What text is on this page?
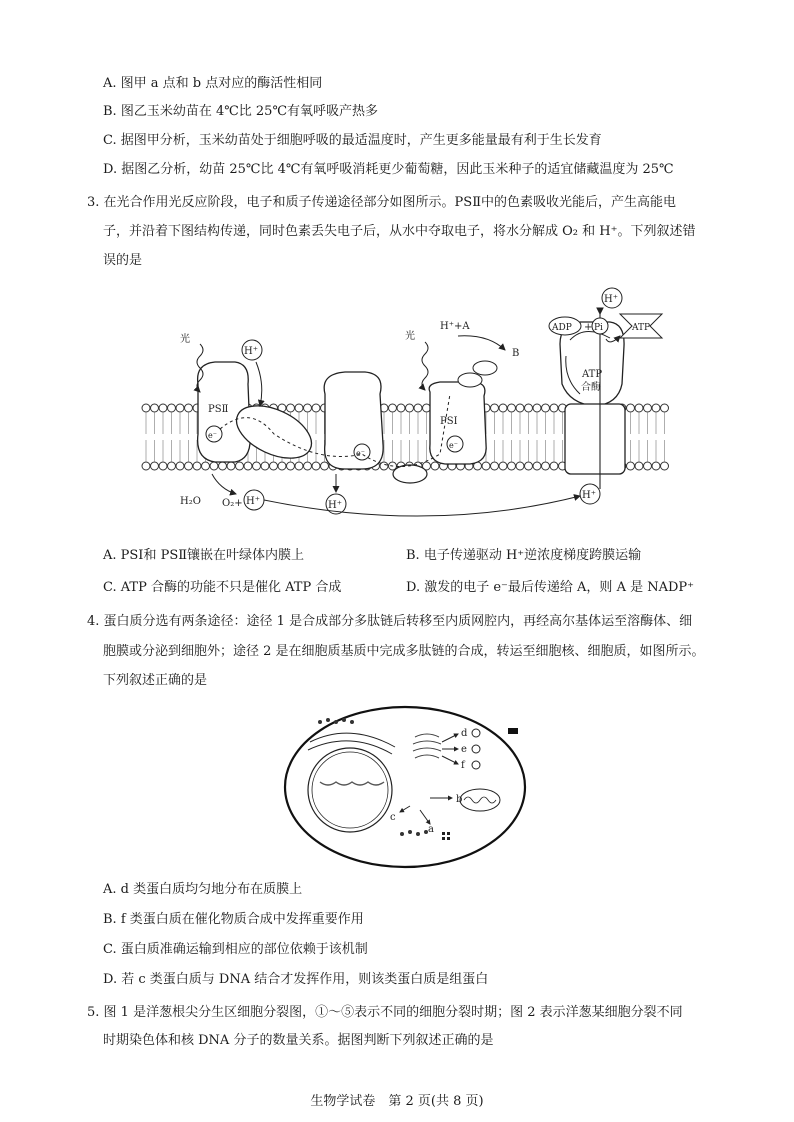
A. 图甲 a 点和 b 点对应的酶活性相同
B. 图乙玉米幼苗在 4℃比 25℃有氧呼吸产热多
C. 据图甲分析，玉米幼苗处于细胞呼吸的最适温度时，产生更多能量最有利于生长发育
D. 据图乙分析，幼苗 25℃比 4℃有氧呼吸消耗更少葡萄糖，因此玉米种子的适宜储藏温度为 25℃
3. 在光合作用光反应阶段，电子和质子传递途径部分如图所示。PSⅡ中的色素吸收光能后，产生高能电
子，并沿着下图结构传递，同时色素丢失电子后，从水中夺取电子，将水分解成 O₂ 和 H⁺。下列叙述错
误的是
PSⅡ
e⁻
e⁻
PSⅠ
e⁻
ATP
合酶
光	光
H⁺
H⁺+A
B
ADP + Pi	ATP
H⁺
H₂O O₂+ H⁺	H⁺
H⁺
A. PSⅠ和 PSⅡ镶嵌在叶绿体内膜上	B. 电子传递驱动 H⁺逆浓度梯度跨膜运输
C. ATP 合酶的功能不只是催化 ATP 合成	D. 激发的电子 e⁻最后传递给 A，则 A 是 NADP⁺
4. 蛋白质分选有两条途径：途径 1 是合成部分多肽链后转移至内质网腔内，再经高尔基体运至溶酶体、细
胞膜或分泌到细胞外；途径 2 是在细胞质基质中完成多肽链的合成，转运至细胞核、细胞质，如图所示。
下列叙述正确的是
d
e
f
b
c
a
A. d 类蛋白质均匀地分布在质膜上
B. f 类蛋白质在催化物质合成中发挥重要作用
C. 蛋白质准确运输到相应的部位依赖于该机制
D. 若 c 类蛋白质与 DNA 结合才发挥作用，则该类蛋白质是组蛋白
5. 图 1 是洋葱根尖分生区细胞分裂图，①～⑤表示不同的细胞分裂时期；图 2 表示洋葱某细胞分裂不同
时期染色体和核 DNA 分子的数量关系。据图判断下列叙述正确的是
生物学试卷　第 2 页(共 8 页)
